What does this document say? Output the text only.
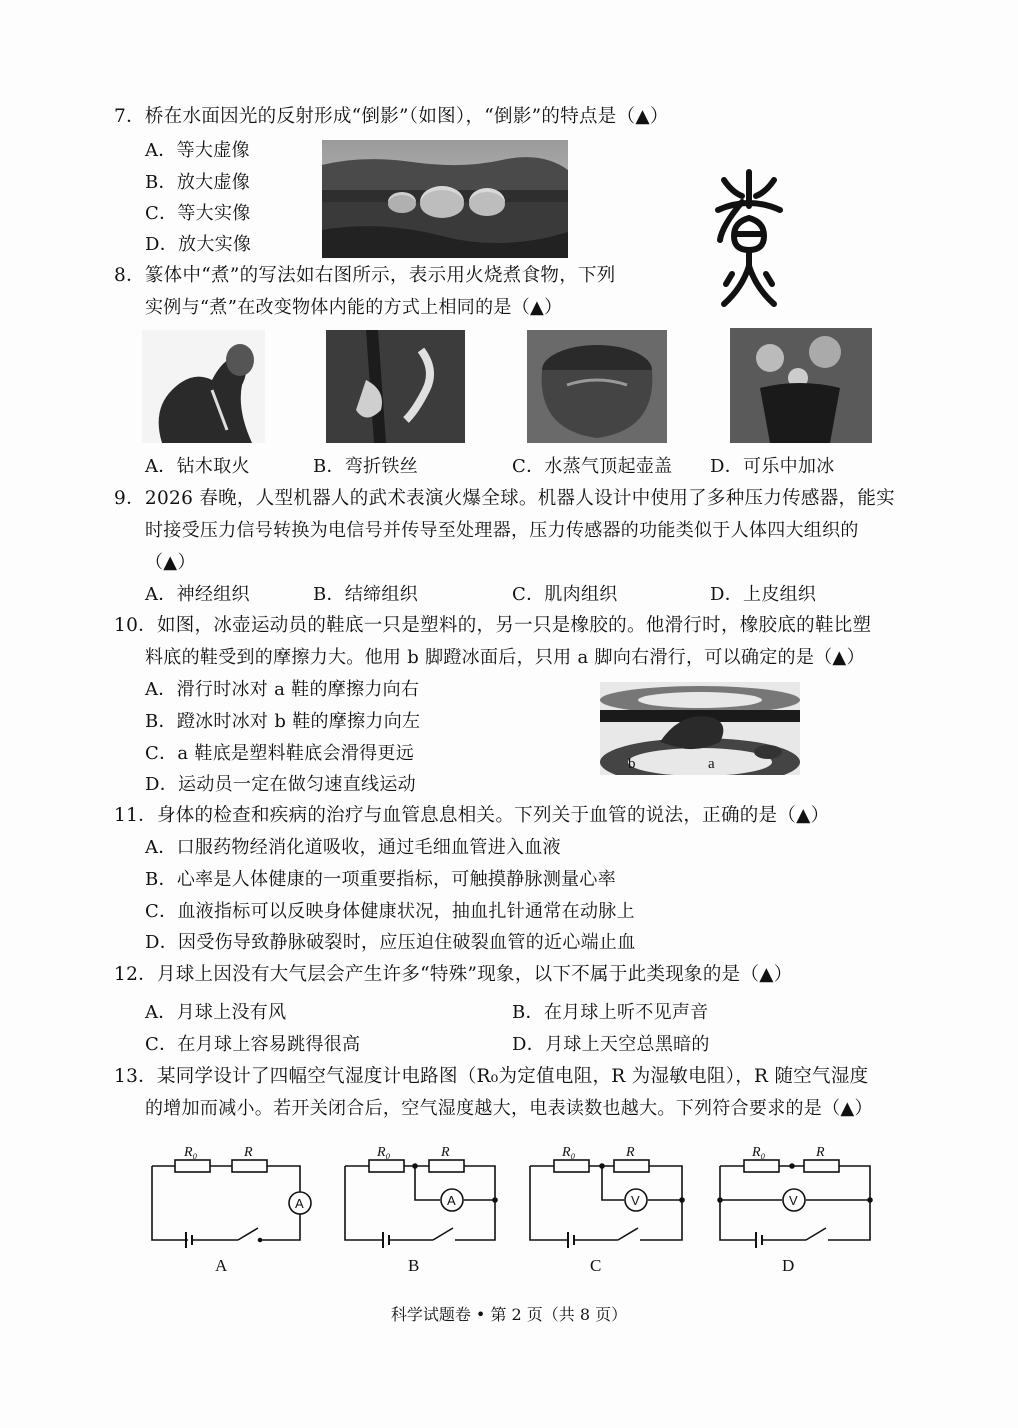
7．桥在水面因光的反射形成“倒影”（如图），“倒影”的特点是（▲）
A．等大虚像
B．放大虚像
C．等大实像
D．放大实像
8．篆体中“煮”的写法如右图所示，表示用火烧煮食物，下列
实例与“煮”在改变物体内能的方式上相同的是（▲）
A．钻木取火	B．弯折铁丝	C．水蒸气顶起壶盖 D．可乐中加冰
9．2026 春晚，人型机器人的武术表演火爆全球。机器人设计中使用了多种压力传感器，能实
时接受压力信号转换为电信号并传导至处理器，压力传感器的功能类似于人体四大组织的
（▲）
A．神经组织	B．结缔组织	C．肌肉组织	D．上皮组织
10．如图，冰壶运动员的鞋底一只是塑料的，另一只是橡胶的。他滑行时，橡胶底的鞋比塑
料底的鞋受到的摩擦力大。他用 b 脚蹬冰面后，只用 a 脚向右滑行，可以确定的是（▲）
A．滑行时冰对 a 鞋的摩擦力向右
B．蹬冰时冰对 b 鞋的摩擦力向左
C．a 鞋底是塑料鞋底会滑得更远
D．运动员一定在做匀速直线运动
b	a
11．身体的检查和疾病的治疗与血管息息相关。下列关于血管的说法，正确的是（▲）
A．口服药物经消化道吸收，通过毛细血管进入血液
B．心率是人体健康的一项重要指标，可触摸静脉测量心率
C．血液指标可以反映身体健康状况，抽血扎针通常在动脉上
D．因受伤导致静脉破裂时，应压迫住破裂血管的近心端止血
12．月球上因没有大气层会产生许多“特殊”现象，以下不属于此类现象的是（▲）
A．月球上没有风	B．在月球上听不见声音
C．在月球上容易跳得很高	D．月球上天空总黑暗的
13．某同学设计了四幅空气湿度计电路图（R₀为定值电阻，R 为湿敏电阻），R 随空气湿度
的增加而减小。若开关闭合后，空气湿度越大，电表读数也越大。下列符合要求的是（▲）
R₀	R
A
R₀	R
A
R₀	R
V
R₀	R
V
A	B	C	D
科学试题卷 • 第 2 页（共 8 页）
